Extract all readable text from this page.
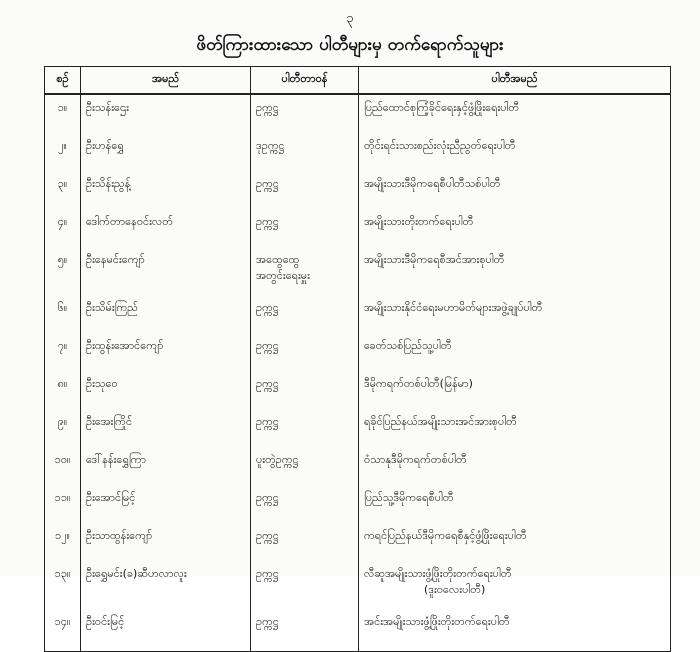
၃
ဖိတ်ကြားထားသော ပါတီများမှ တက်ရောက်သူများ
စဉ်	အမည်	ပါတီတာဝန်	ပါတီအမည်
၁။	ဦးသန်းဌေး	ဥက္ကဋ္ဌ	ပြည်ထောင်စုကြံ့ခိုင်ရေးနှင့်ဖွံ့ဖြိုးရေးပါတီ
၂။	ဦးဟန်ရွှေ	ဒုဥက္ကဋ္ဌ	တိုင်းရင်းသားစည်းလုံးညီညွတ်ရေးပါတီ
၃။	ဦးသိန်းညွန့်	ဥက္ကဋ္ဌ	အမျိုးသားဒီမိုကရေစီပါတီသစ်ပါတီ
၄။	ဒေါက်တာနေဝင်းလတ်	ဥက္ကဋ္ဌ	အမျိုးသားတိုးတက်ရေးပါတီ
၅။	ဦးနေမင်းကျော်	အထွေထွေ အတွင်းရေးမှူး	အမျိုးသားဒီမိုကရေစီအင်အားစုပါတီ
၆။	ဦးသိမ်းကြည်	ဥက္ကဋ္ဌ	အမျိုးသားနိုင်ငံရေးမဟာမိတ်များအဖွဲ့ချုပ်ပါတီ
၇။	ဦးထွန်းအောင်ကျော်	ဥက္ကဋ္ဌ	ခေတ်သစ်ပြည်သူ့ပါတီ
၈။	ဦးသုဝေ	ဥက္ကဋ္ဌ	ဒီမိုကရက်တစ်ပါတီ(မြန်မာ)
၉။	ဦးအေးကြိုင်	ဥက္ကဋ္ဌ	ရခိုင်ပြည်နယ်အမျိုးသားအင်အားစုပါတီ
၁၀။	ဒေါ်နန်းရွှေကြာ	ပူးတွဲဥက္ကဋ္ဌ	ဝံသာနုဒီမိုကရက်တစ်ပါတီ
၁၁။	ဦးအောင်မြင့်	ဥက္ကဋ္ဌ	ပြည်သူ့ဒီမိုကရေစီပါတီ
၁၂။	ဦးသာထွန်းကျော်	ဥက္ကဋ္ဌ	ကရင်ပြည်နယ်ဒီမိုကရေစီနှင့်ဖွံ့ဖြိုးရေးပါတီ
၁၃။	ဦးရွှေမင်း(ခ)ဆီဟလာလူး	ဥက္ကဋ္ဌ	လီဆူအမျိုးသားဖွံ့ဖြိုးတိုးတက်ရေးပါတီ
(ဒူးဝလေးပါတီ)

၁၄။	ဦးဝင်းမြင့်	ဥက္ကဋ္ဌ	အင်းအမျိုးသားဖွံ့ဖြိုးတိုးတက်ရေးပါတီ
